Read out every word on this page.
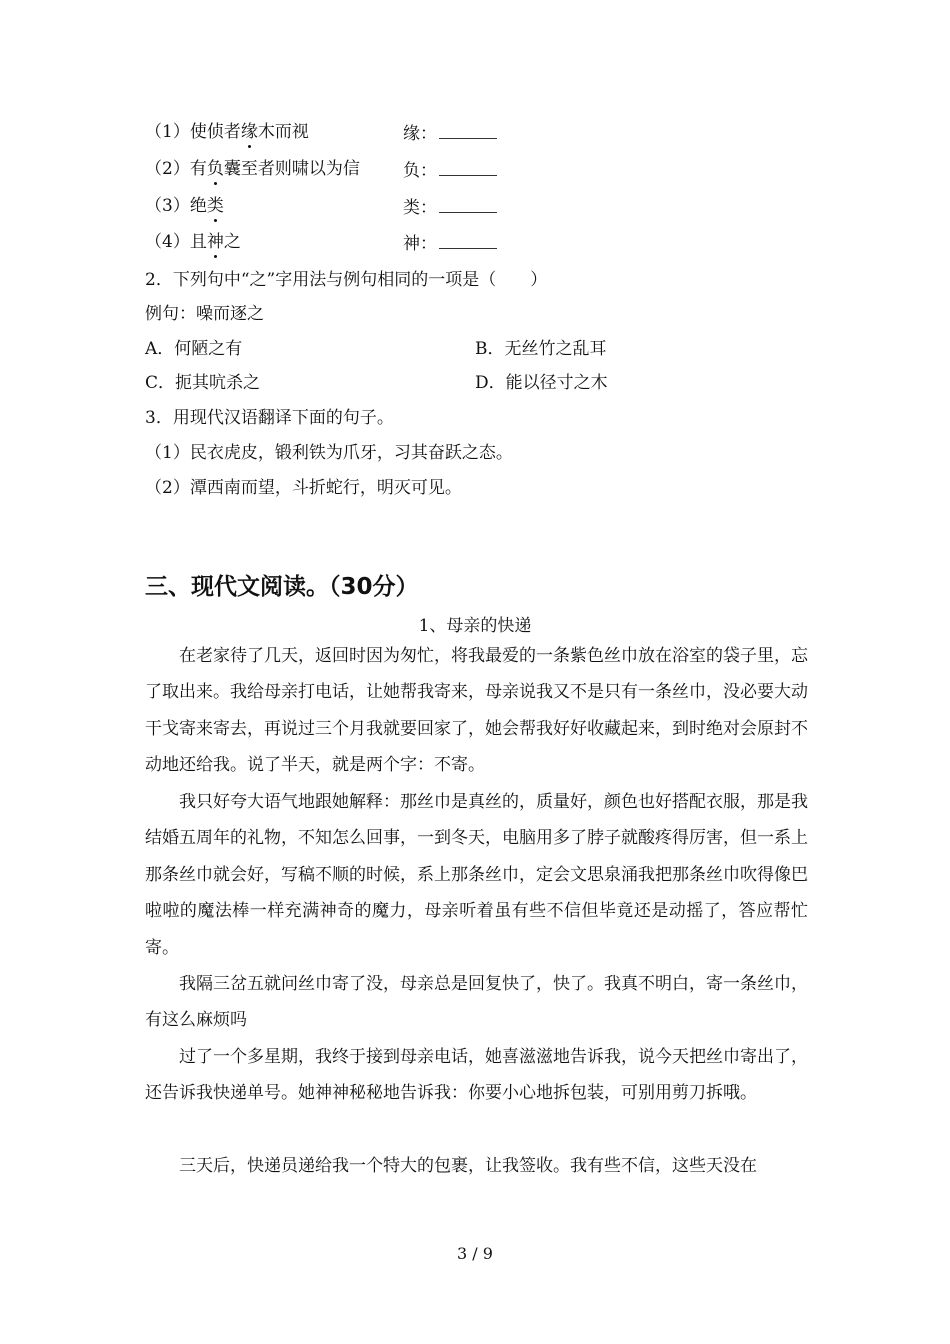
（1）使侦者缘木而视	缘：
（2）有负囊至者则啸以为信	负：
（3）绝类	类：
（4）且神之	神：
2．下列句中“之”字用法与例句相同的一项是（　　）
例句：噪而逐之
A．何陋之有	B．无丝竹之乱耳
C．扼其吭杀之	D．能以径寸之木
3．用现代汉语翻译下面的句子。
（1）民衣虎皮，锻利铁为爪牙，习其奋跃之态。
（2）潭西南而望，斗折蛇行，明灭可见。
三、现代文阅读。（30分）
1、母亲的快递
在老家待了几天，返回时因为匆忙，将我最爱的一条紫色丝巾放在浴室的袋子里，忘了取出来。我给母亲打电话，让她帮我寄来，母亲说我又不是只有一条丝巾，没必要大动干戈寄来寄去，再说过三个月我就要回家了，她会帮我好好收藏起来，到时绝对会原封不动地还给我。说了半天，就是两个字：不寄。
我只好夸大语气地跟她解释：那丝巾是真丝的，质量好，颜色也好搭配衣服，那是我结婚五周年的礼物，不知怎么回事，一到冬天，电脑用多了脖子就酸疼得厉害，但一系上那条丝巾就会好，写稿不顺的时候，系上那条丝巾，定会文思泉涌我把那条丝巾吹得像巴啦啦的魔法棒一样充满神奇的魔力，母亲听着虽有些不信但毕竟还是动摇了，答应帮忙寄。
我隔三岔五就问丝巾寄了没，母亲总是回复快了，快了。我真不明白，寄一条丝巾，有这么麻烦吗
过了一个多星期，我终于接到母亲电话，她喜滋滋地告诉我，说今天把丝巾寄出了，还告诉我快递单号。她神神秘秘地告诉我：你要小心地拆包装，可别用剪刀拆哦。
三天后，快递员递给我一个特大的包裹，让我签收。我有些不信，这些天没在
3 / 9
